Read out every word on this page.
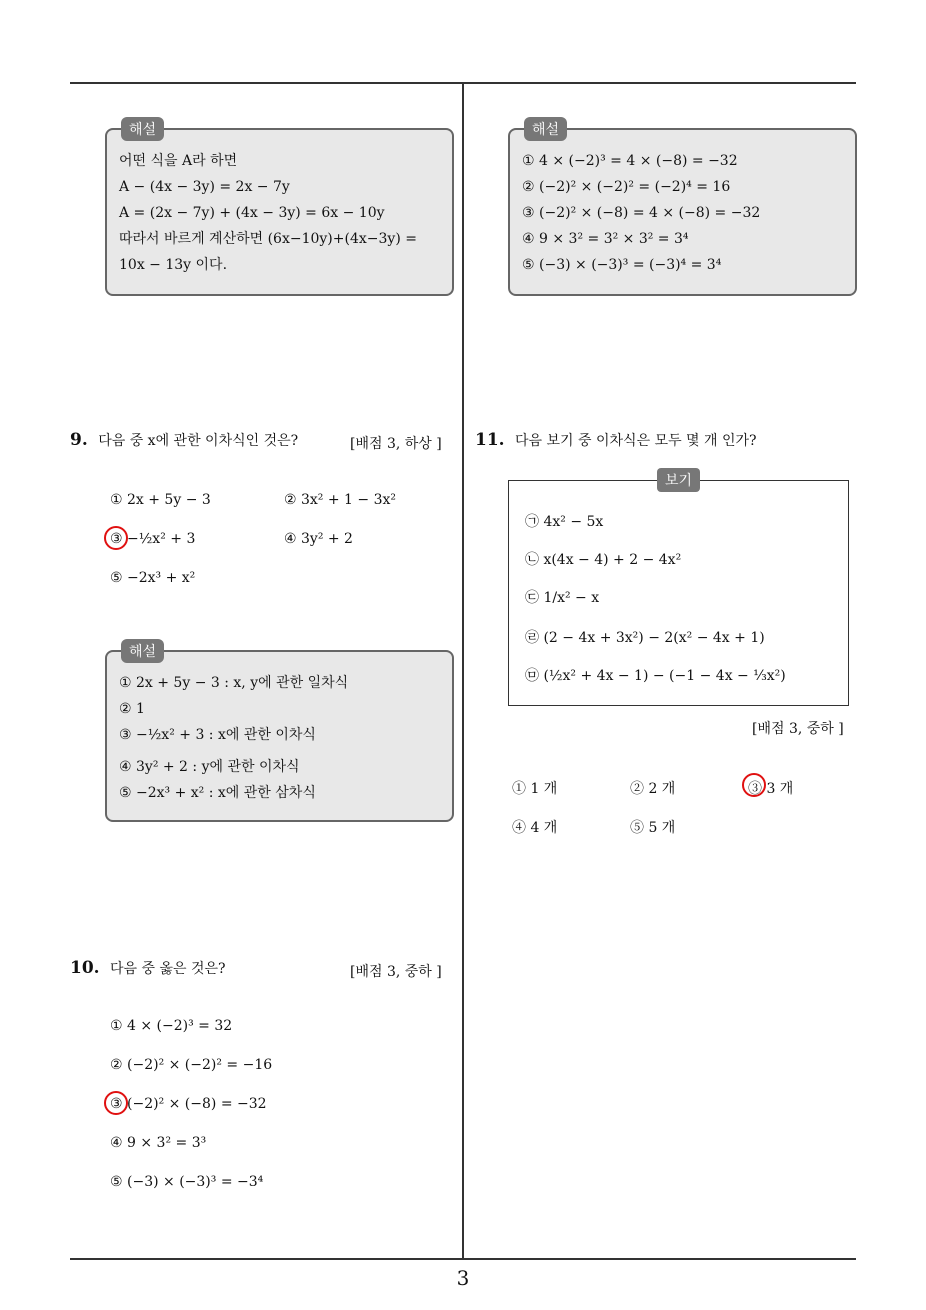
해설
어떤 식을 A라 하면
A − (4x − 3y) = 2x − 7y
A = (2x − 7y) + (4x − 3y) = 6x − 10y
따라서 바르게 계산하면 (6x−10y)+(4x−3y) =
10x − 13y 이다.
해설
① 4 × (−2)³ = 4 × (−8) = −32
② (−2)² × (−2)² = (−2)⁴ = 16
③ (−2)² × (−8) = 4 × (−8) = −32
④ 9 × 3² = 3² × 3² = 3⁴
⑤ (−3) × (−3)³ = (−3)⁴ = 3⁴
9. 다음 중 x에 관한 이차식인 것은?	[배점 3, 하상 ]
① 2x + 5y − 3	② 3x² + 1 − 3x²
③ −½x² + 3	④ 3y² + 2
⑤ −2x³ + x²
해설
① 2x + 5y − 3 : x, y에 관한 일차식
② 1
③ −½x² + 3 : x에 관한 이차식
④ 3y² + 2 : y에 관한 이차식
⑤ −2x³ + x² : x에 관한 삼차식
10. 다음 중 옳은 것은?	[배점 3, 중하 ]
① 4 × (−2)³ = 32
② (−2)² × (−2)² = −16
③ (−2)² × (−8) = −32
④ 9 × 3² = 3³
⑤ (−3) × (−3)³ = −3⁴
11. 다음 보기 중 이차식은 모두 몇 개 인가?
보기
㉠ 4x² − 5x
㉡ x(4x − 4) + 2 − 4x²
㉢ 1/x² − x
㉣ (2 − 4x + 3x²) − 2(x² − 4x + 1)
㉤ (½x² + 4x − 1) − (−1 − 4x − ⅓x²)
[배점 3, 중하 ]
① 1 개	② 2 개	③ 3 개
④ 4 개	⑤ 5 개
3
